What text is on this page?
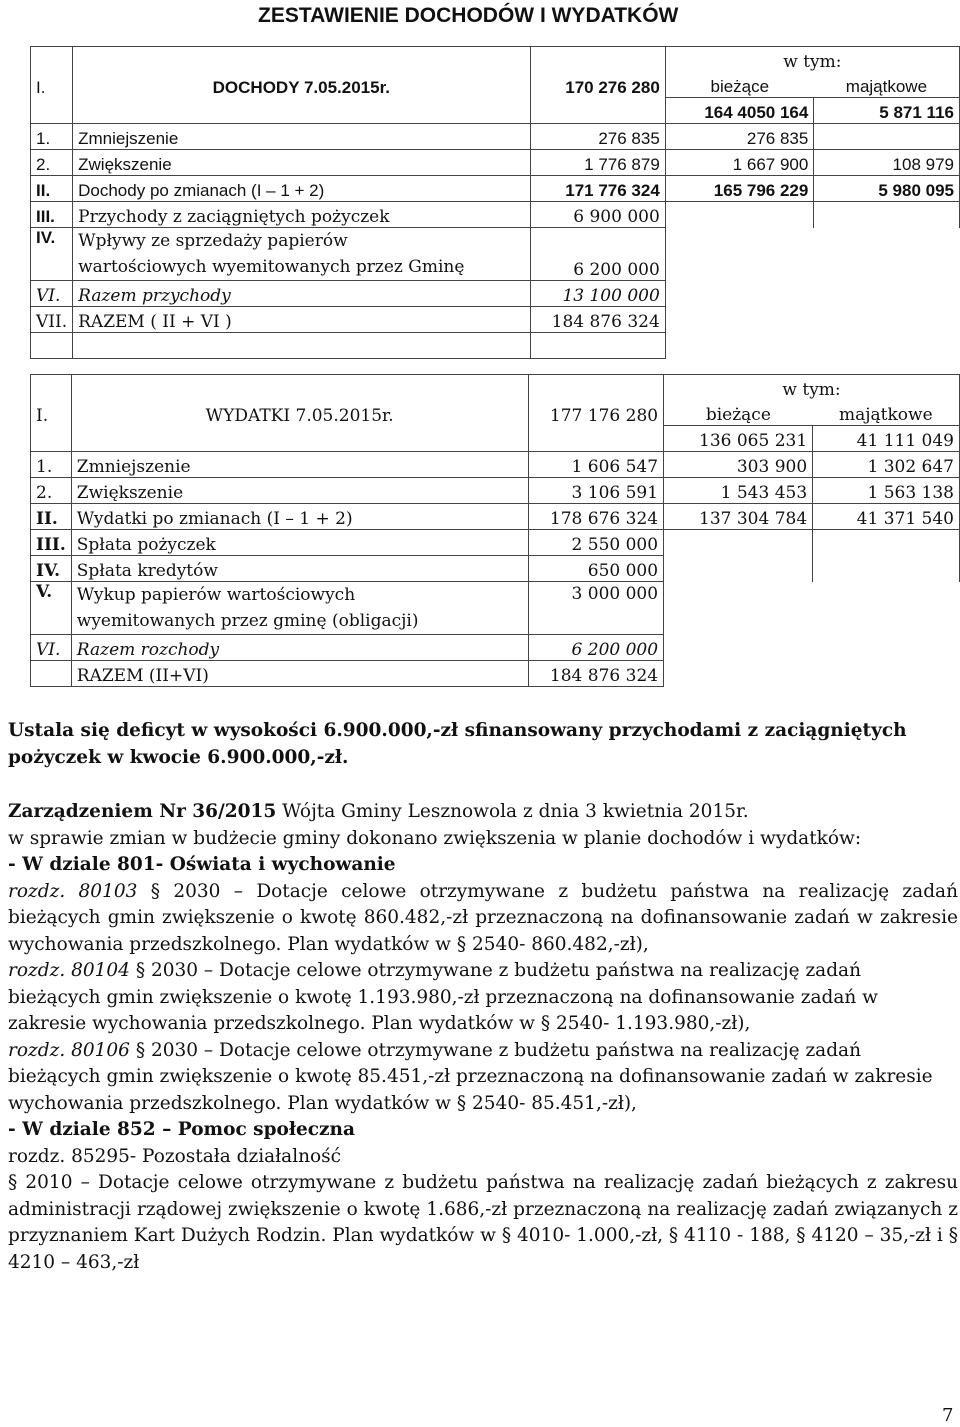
ZESTAWIENIE DOCHODÓW I WYDATKÓW
			w tym:	
I.	DOCHODY 7.05.2015r.	170 276 280	bieżące	majątkowe
			164 4050 164	5 871 116
1.	Zmniejszenie	276 835	276 835	
2.	Zwiększenie	1 776 879	1 667 900	108 979
II.	Dochody po zmianach (I – 1 + 2)	171 776 324	165 796 229	5 980 095
III.	Przychody z zaciągniętych pożyczek	6 900 000		
IV.	Wpływy ze sprzedaży papierów
wartościowych wyemitowanych przez Gminę	6 200 000		
VI.	Razem przychody	13 100 000		
VII.	RAZEM ( II + VI )	184 876 324		

			w tym:	
I.	WYDATKI 7.05.2015r.	177 176 280	bieżące	majątkowe
			136 065 231	41 111 049
1.	Zmniejszenie	1 606 547	303 900	1 302 647
2.	Zwiększenie	3 106 591	1 543 453	1 563 138
II.	Wydatki po zmianach (I – 1 + 2)	178 676 324	137 304 784	41 371 540
III.	Spłata pożyczek	2 550 000		
IV.	Spłata kredytów	650 000		
V.	Wykup papierów wartościowych
wyemitowanych przez gminę (obligacji)	3 000 000		
VI.	Razem rozchody	6 200 000		
	RAZEM (II+VI)	184 876 324		

Ustala się deficyt w wysokości 6.900.000,-zł sfinansowany przychodami z zaciągniętych pożyczek w kwocie 6.900.000,-zł.

Zarządzeniem Nr 36/2015 Wójta Gminy Lesznowola z dnia 3 kwietnia 2015r.

w sprawie zmian w budżecie gminy dokonano zwiększenia w planie dochodów i wydatków:

- W dziale 801- Oświata i wychowanie

rozdz. 80103 § 2030 – Dotacje celowe otrzymywane z budżetu państwa na realizację zadań bieżących gmin zwiększenie o kwotę 860.482,-zł przeznaczoną na dofinansowanie zadań w zakresie wychowania przedszkolnego. Plan wydatków w § 2540- 860.482,-zł),

rozdz. 80104 § 2030 – Dotacje celowe otrzymywane z budżetu państwa na realizację zadań bieżących gmin zwiększenie o kwotę 1.193.980,-zł przeznaczoną na dofinansowanie zadań w zakresie wychowania przedszkolnego. Plan wydatków w § 2540- 1.193.980,-zł),

rozdz. 80106 § 2030 – Dotacje celowe otrzymywane z budżetu państwa na realizację zadań bieżących gmin zwiększenie o kwotę 85.451,-zł przeznaczoną na dofinansowanie zadań w zakresie wychowania przedszkolnego. Plan wydatków w § 2540- 85.451,-zł),

- W dziale 852 – Pomoc społeczna

rozdz. 85295- Pozostała działalność

§ 2010 – Dotacje celowe otrzymywane z budżetu państwa na realizację zadań bieżących z zakresu administracji rządowej zwiększenie o kwotę 1.686,-zł przeznaczoną na realizację zadań związanych z przyznaniem Kart Dużych Rodzin. Plan wydatków w § 4010- 1.000,-zł, § 4110 - 188, § 4120 – 35,-zł i § 4210 – 463,-zł

7
